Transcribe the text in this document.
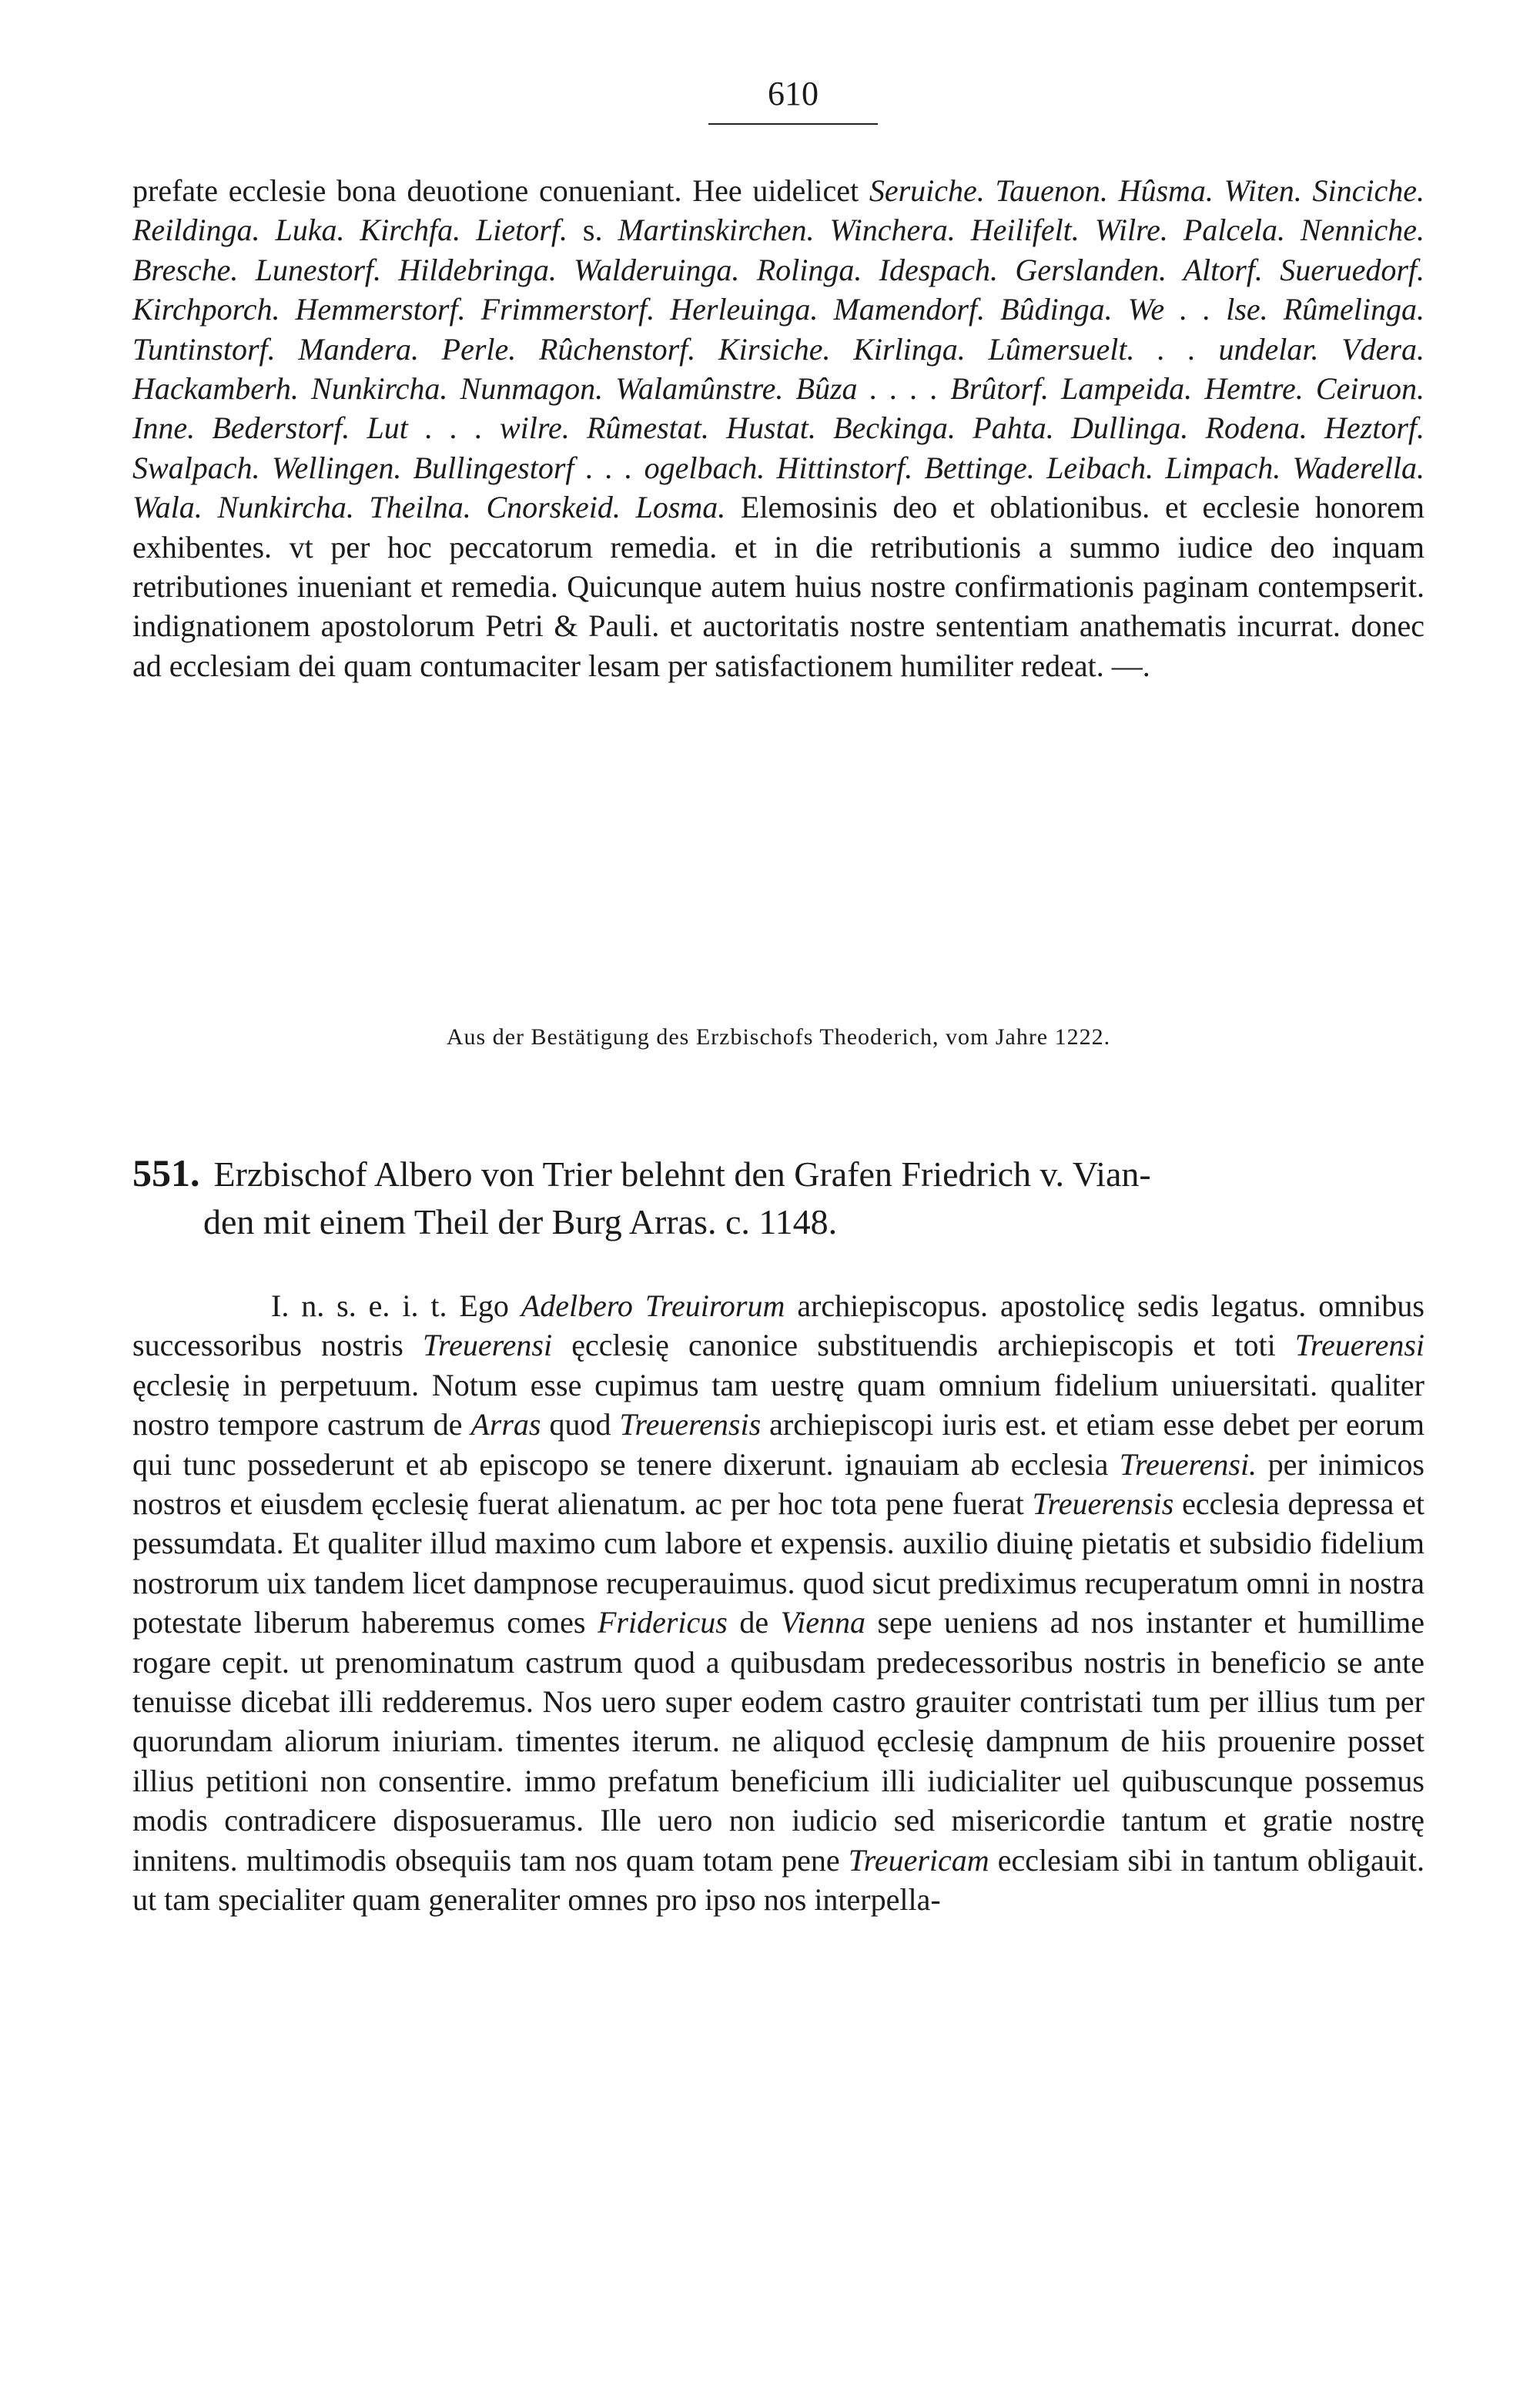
610
prefate ecclesie bona deuotione conueniant. Hee uidelicet Seruiche. Tauenon. Hûsma. Witen. Sinciche. Reildinga. Luka. Kirchfa. Lietorf. s. Martinskirchen. Winchera. Heilifelt. Wilre. Palcela. Nenniche. Bresche. Lunestorf. Hildebringa. Walderuinga. Rolinga. Idespach. Gerslanden. Altorf. Sueruedorf. Kirchporch. Hemmerstorf. Frimmerstorf. Herleuinga. Mamendorf. Bûdinga. We . . lse. Rûmelinga. Tuntinstorf. Mandera. Perle. Rûchenstorf. Kirsiche. Kirlinga. Lûmersuelt. . . undelar. Vdera. Hackamberh. Nunkircha. Nunmagon. Walamûnstre. Bûza . . . . Brûtorf. Lampeida. Hemtre. Ceiruon. Inne. Bederstorf. Lut . . . wilre. Rûmestat. Hustat. Beckinga. Pahta. Dullinga. Rodena. Heztorf. Swalpach. Wellingen. Bullingestorf . . . ogelbach. Hittinstorf. Bettinge. Leibach. Limpach. Waderella. Wala. Nunkircha. Theilna. Cnorskeid. Losma. Elemosinis deo et oblationibus. et ecclesie honorem exhibentes. vt per hoc peccatorum remedia. et in die retributionis a summo iudice deo inquam retributiones inueniant et remedia. Quicunque autem huius nostre confirmationis paginam contempserit. indignationem apostolorum Petri & Pauli. et auctoritatis nostre sententiam anathematis incurrat. donec ad ecclesiam dei quam contumaciter lesam per satisfactionem humiliter redeat. —.
Aus der Bestätigung des Erzbischofs Theoderich, vom Jahre 1222.
551. Erzbischof Albero von Trier belehnt den Grafen Friedrich v. Vian-
den mit einem Theil der Burg Arras. c. 1148.
I. n. s. e. i. t. Ego Adelbero Treuirorum archiepiscopus. apostolicę sedis legatus. omnibus successoribus nostris Treuerensi ęcclesię canonice substituendis archiepiscopis et toti Treuerensi ęcclesię in perpetuum. Notum esse cupimus tam uestrę quam omnium fidelium uniuersitati. qualiter nostro tempore castrum de Arras quod Treuerensis archiepiscopi iuris est. et etiam esse debet per eorum qui tunc possederunt et ab episcopo se tenere dixerunt. ignauiam ab ecclesia Treuerensi. per inimicos nostros et eiusdem ęcclesię fuerat alienatum. ac per hoc tota pene fuerat Treuerensis ecclesia depressa et pessumdata. Et qualiter illud maximo cum labore et expensis. auxilio diuinę pietatis et subsidio fidelium nostrorum uix tandem licet dampnose recuperauimus. quod sicut prediximus recuperatum omni in nostra potestate liberum haberemus comes Fridericus de Vienna sepe ueniens ad nos instanter et humillime rogare cepit. ut prenominatum castrum quod a quibusdam predecessoribus nostris in beneficio se ante tenuisse dicebat illi redderemus. Nos uero super eodem castro grauiter contristati tum per illius tum per quorundam aliorum iniuriam. timentes iterum. ne aliquod ęcclesię dampnum de hiis prouenire posset illius petitioni non consentire. immo prefatum beneficium illi iudicialiter uel quibuscunque possemus modis contradicere disposueramus. Ille uero non iudicio sed misericordie tantum et gratie nostrę innitens. multimodis obsequiis tam nos quam totam pene Treuericam ecclesiam sibi in tantum obligauit. ut tam specialiter quam generaliter omnes pro ipso nos interpella-
